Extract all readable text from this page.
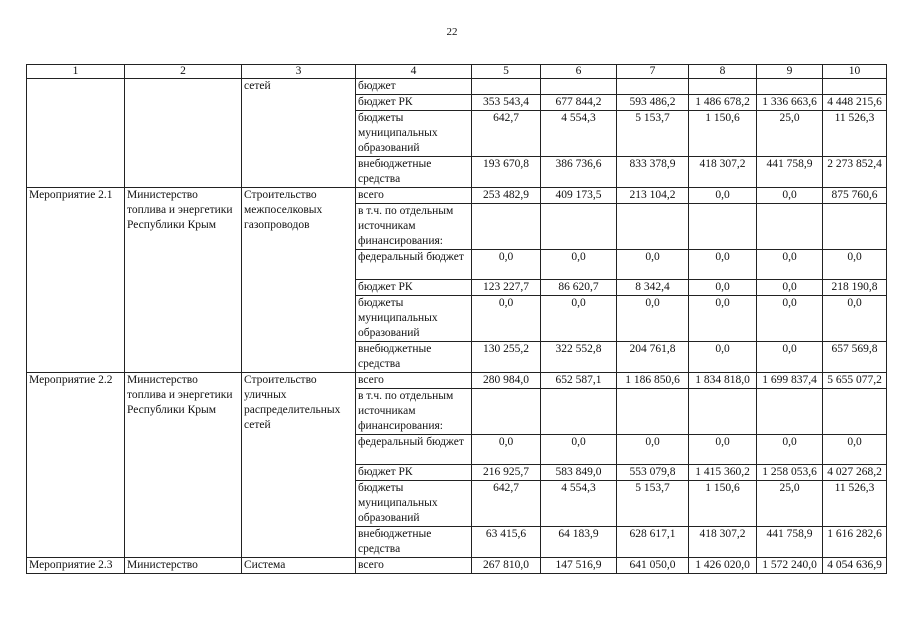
22
1	2	3	4	5	6	7	8	9	10
		сетей	бюджет						
			бюджет РК	353 543,4	677 844,2	593 486,2	1 486 678,2	1 336 663,6	4 448 215,6
			бюджеты муниципальных образований	642,7	4 554,3	5 153,7	1 150,6	25,0	11 526,3
			внебюджетные средства	193 670,8	386 736,6	833 378,9	418 307,2	441 758,9	2 273 852,4
Мероприятие 2.1	Министерство топлива и энергетики Республики Крым	Строительство межпоселковых газопроводов	всего	253 482,9	409 173,5	213 104,2	0,0	0,0	875 760,6
			в т.ч. по отдельным источникам финансирования:						
			федеральный бюджет	0,0	0,0	0,0	0,0	0,0	0,0
			бюджет РК	123 227,7	86 620,7	8 342,4	0,0	0,0	218 190,8
			бюджеты муниципальных образований	0,0	0,0	0,0	0,0	0,0	0,0
			внебюджетные средства	130 255,2	322 552,8	204 761,8	0,0	0,0	657 569,8
Мероприятие 2.2	Министерство топлива и энергетики Республики Крым	Строительство уличных распределительных сетей	всего	280 984,0	652 587,1	1 186 850,6	1 834 818,0	1 699 837,4	5 655 077,2
			в т.ч. по отдельным источникам финансирования:						
			федеральный бюджет	0,0	0,0	0,0	0,0	0,0	0,0
			бюджет РК	216 925,7	583 849,0	553 079,8	1 415 360,2	1 258 053,6	4 027 268,2
			бюджеты муниципальных образований	642,7	4 554,3	5 153,7	1 150,6	25,0	11 526,3
			внебюджетные средства	63 415,6	64 183,9	628 617,1	418 307,2	441 758,9	1 616 282,6
Мероприятие 2.3	Министерство	Система	всего	267 810,0	147 516,9	641 050,0	1 426 020,0	1 572 240,0	4 054 636,9
